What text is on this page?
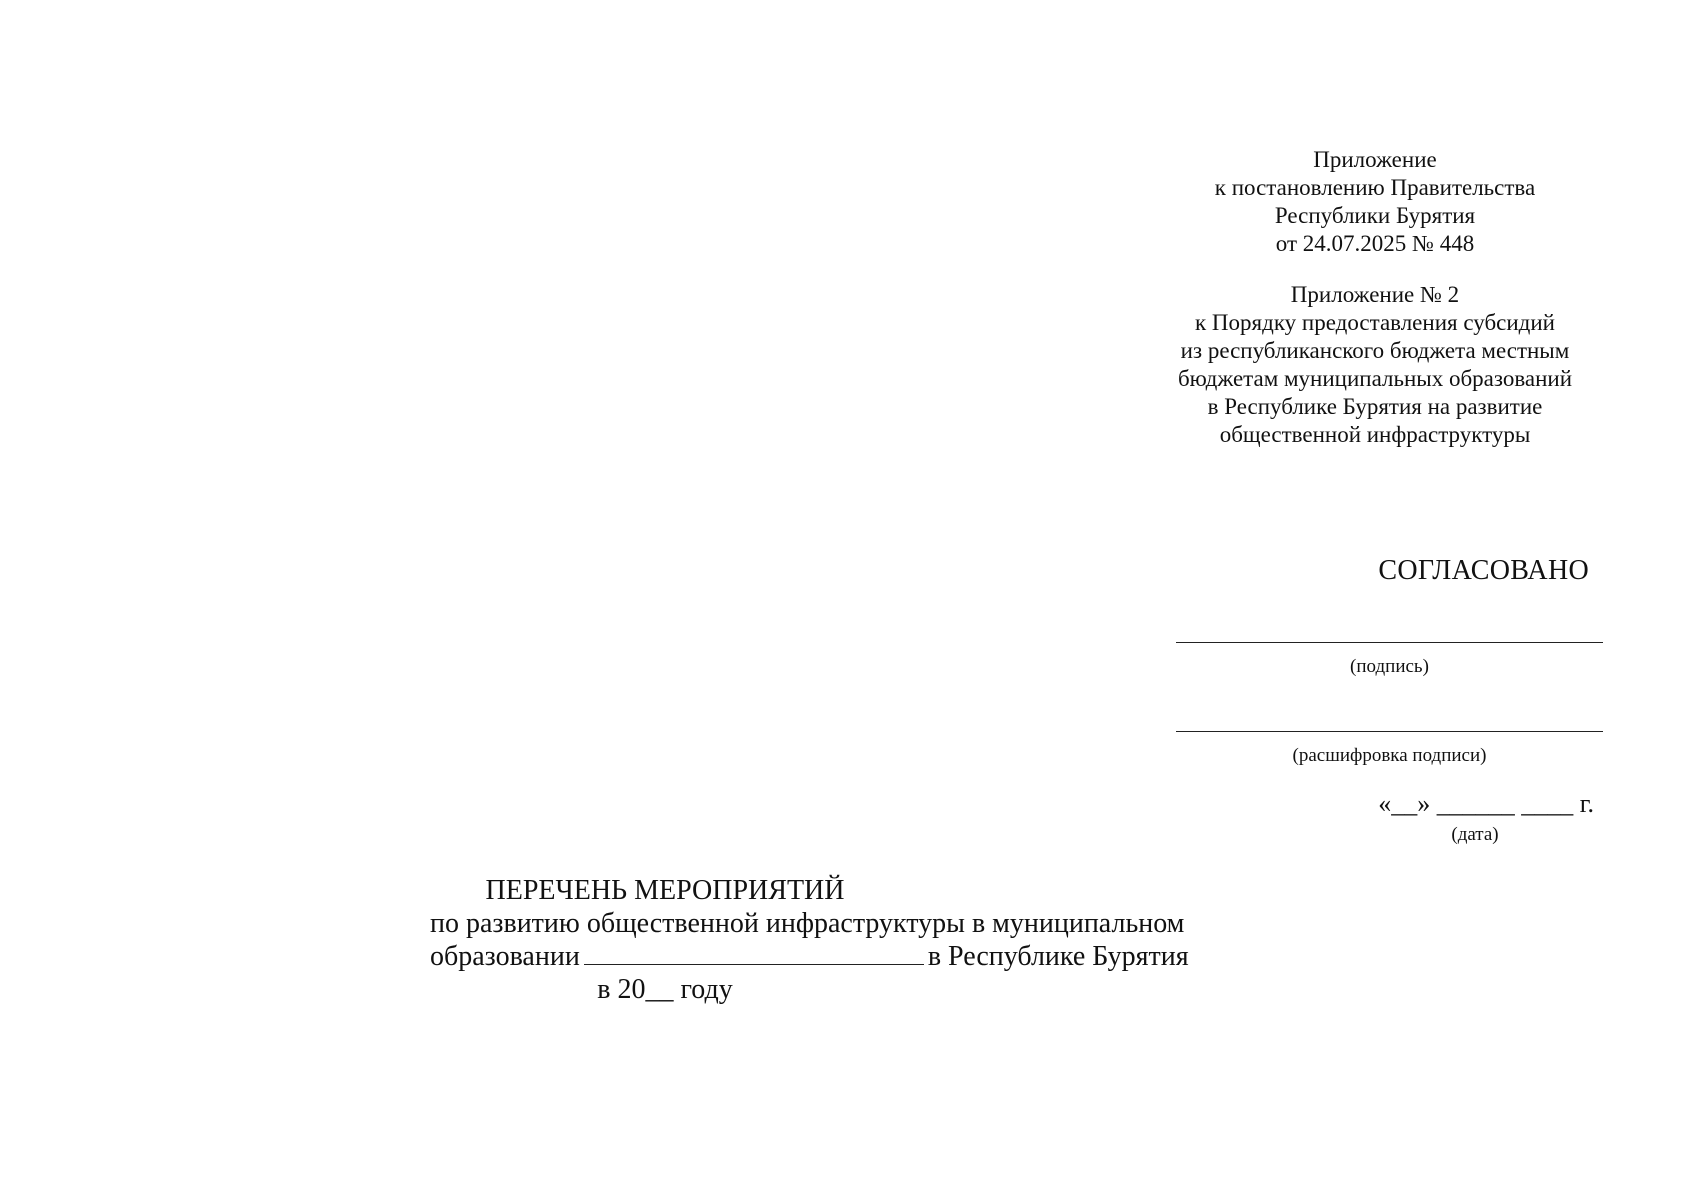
Приложение
к постановлению Правительства
Республики Бурятия
от 24.07.2025 № 448
Приложение № 2
к Порядку предоставления субсидий
из республиканского бюджета местным
бюджетам муниципальных образований
в Республике Бурятия на развитие
общественной инфраструктуры
СОГЛАСОВАНО
(подпись)
(расшифровка подписи)
«__» ______ ____ г.
(дата)
ПЕРЕЧЕНЬ МЕРОПРИЯТИЙ
по развитию общественной инфраструктуры в муниципальном
образовании	в Республике Бурятия
в 20__ году
